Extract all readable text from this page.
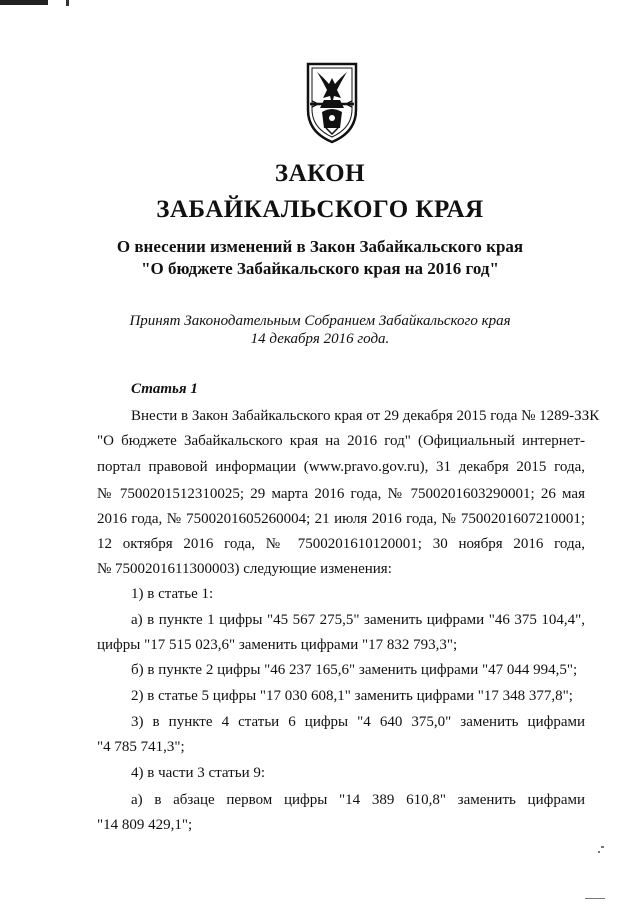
ЗАКОН
ЗАБАЙКАЛЬСКОГО КРАЯ
О внесении изменений в Закон Забайкальского края
"О бюджете Забайкальского края на 2016 год"
Принят Законодательным Собранием Забайкальского края
14 декабря 2016 года.
Статья 1
Внести в Закон Забайкальского края от 29 декабря 2015 года № 1289-ЗЗК
"О бюджете Забайкальского края на 2016 год" (Официальный интернет-
портал правовой информации (www.pravo.gov.ru), 31 декабря 2015 года,
№ 7500201512310025; 29 марта 2016 года, № 7500201603290001; 26 мая
2016 года, № 7500201605260004; 21 июля 2016 года, № 7500201607210001;
12 октября 2016 года, № 7500201610120001; 30 ноября 2016 года,
№ 7500201611300003) следующие изменения:
1) в статье 1:
а) в пункте 1 цифры "45 567 275,5" заменить цифрами "46 375 104,4",
цифры "17 515 023,6" заменить цифрами "17 832 793,3";
б) в пункте 2 цифры "46 237 165,6" заменить цифрами "47 044 994,5";
2) в статье 5 цифры "17 030 608,1" заменить цифрами "17 348 377,8";
3) в пункте 4 статьи 6 цифры "4 640 375,0" заменить цифрами
"4 785 741,3";
4) в части 3 статьи 9:
а) в абзаце первом цифры "14 389 610,8" заменить цифрами
"14 809 429,1";
